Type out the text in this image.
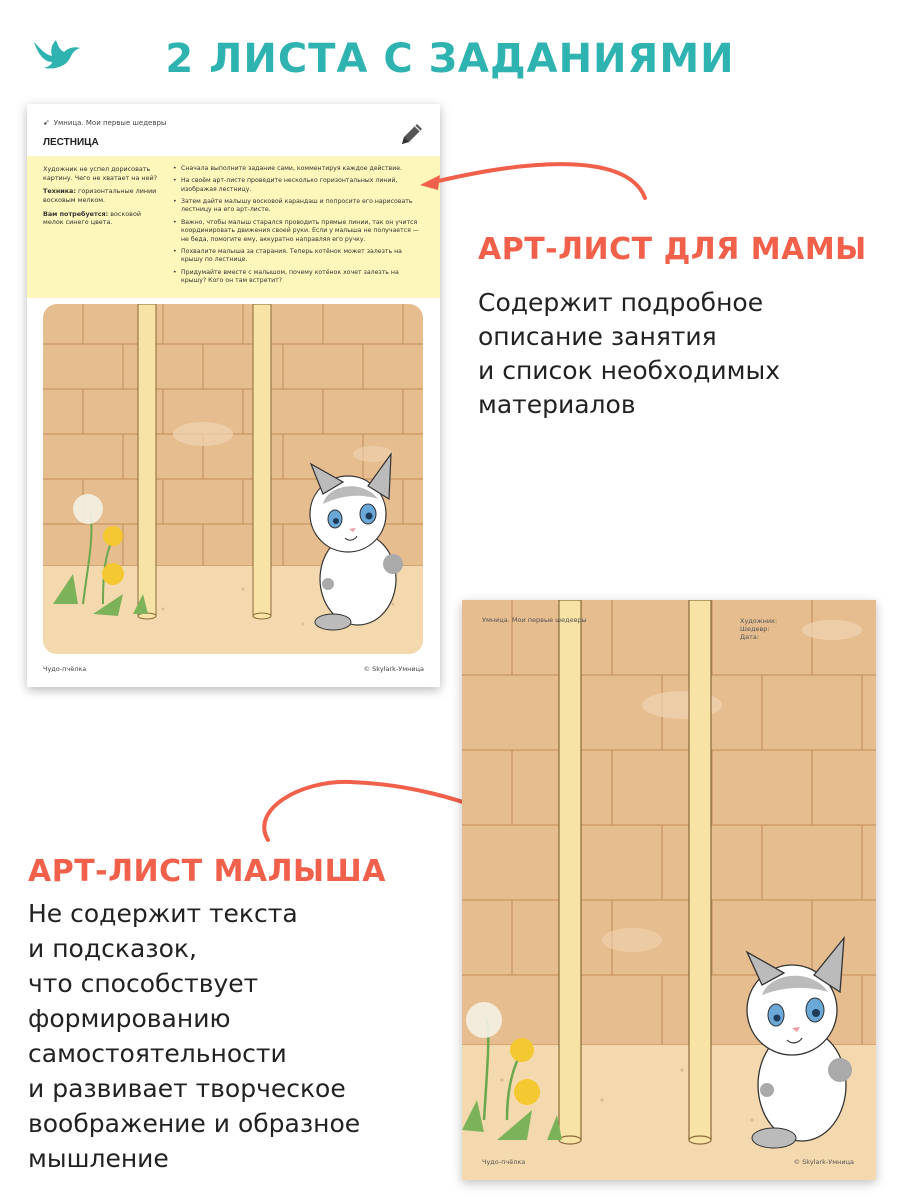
2 ЛИСТА С ЗАДАНИЯМИ
➹ Умница. Мои первые шедевры
ЛЕСТНИЦА

Художник не успел дорисовать картину. Чего не хватает на ней?

Техника: горизонтальные линии восковым мелком.

Вам потребуется: восковой мелок синего цвета.

• Сначала выполните задание сами, комментируя каждое действие.
• На своём арт-листе проведите несколько горизонтальных линий, изображая лестницу.
• Затем дайте малышу восковой карандаш и попросите его нарисовать лестницу на его арт-листе.
• Важно, чтобы малыш старался проводить прямые линии, так он учится координировать движения своей руки. Если у малыша не получается — не беда, помогите ему, аккуратно направляя его ручку.
• Похвалите малыша за старания. Теперь котёнок может залезть на крышу по лестнице.
• Придумайте вместе с малышом, почему котёнок хочет залезть на крышу? Кого он там встретит?
Чудо-пчёлка	© Skylark-Умница
АРТ-ЛИСТ ДЛЯ МАМЫ
Содержит подробное
описание занятия
и список необходимых
материалов
Умница. Мои первые шедевры	Художник:
Шедевр:
Дата:
Чудо-пчёлка	© Skylark-Умница
АРТ-ЛИСТ МАЛЫША
Не содержит текста
и подсказок,
что способствует
формированию
самостоятельности
и развивает творческое
воображение и образное
мышление
